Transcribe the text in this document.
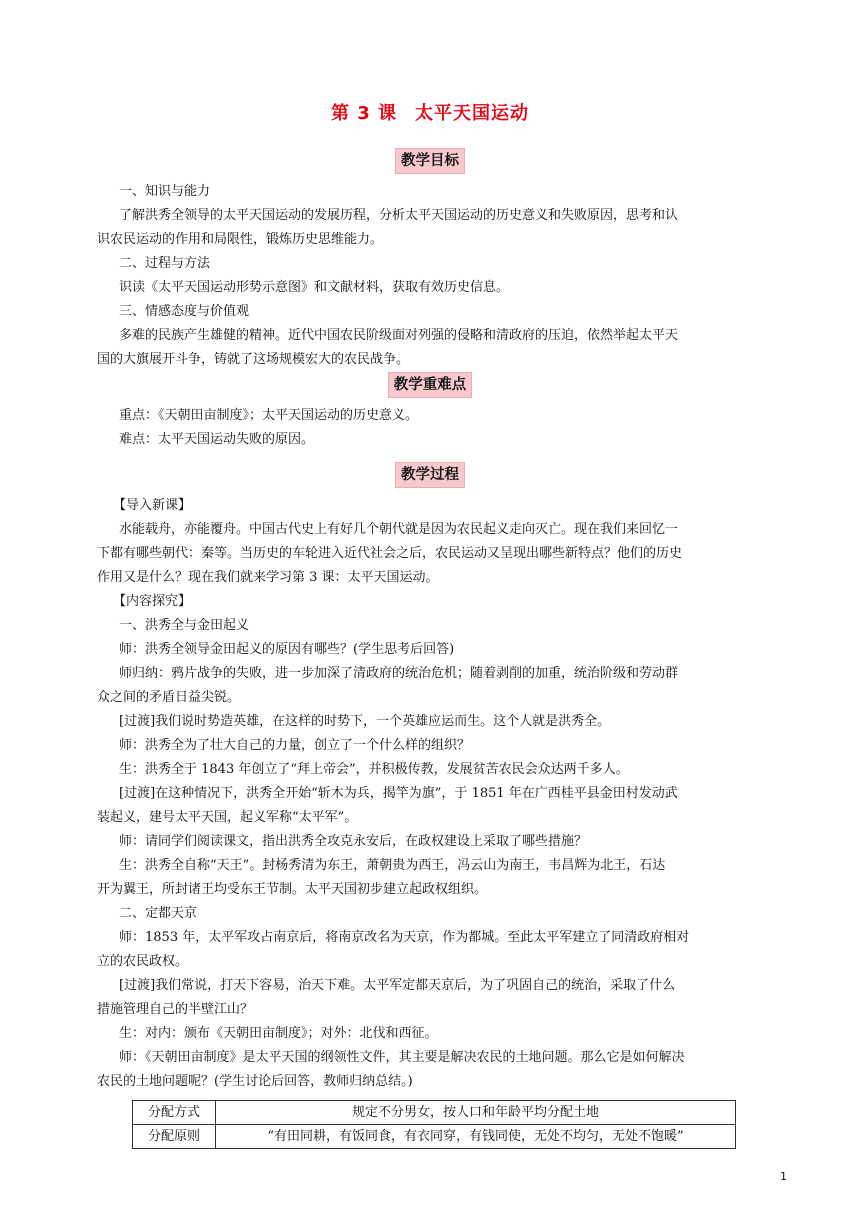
第 3 课 太平天国运动
教学目标

一、知识与能力

了解洪秀全领导的太平天国运动的发展历程，分析太平天国运动的历史意义和失败原因，思考和认

识农民运动的作用和局限性，锻炼历史思维能力。

二、过程与方法

识读《太平天国运动形势示意图》和文献材料，获取有效历史信息。

三、情感态度与价值观

多难的民族产生雄健的精神。近代中国农民阶级面对列强的侵略和清政府的压迫，依然举起太平天

国的大旗展开斗争，铸就了这场规模宏大的农民战争。

教学重难点

重点：《天朝田亩制度》；太平天国运动的历史意义。

难点：太平天国运动失败的原因。

教学过程

【导入新课】

水能载舟，亦能覆舟。中国古代史上有好几个朝代就是因为农民起义走向灭亡。现在我们来回忆一

下都有哪些朝代：秦等。当历史的车轮进入近代社会之后，农民运动又呈现出哪些新特点？他们的历史

作用又是什么？现在我们就来学习第 3 课：太平天国运动。

【内容探究】

一、洪秀全与金田起义

师：洪秀全领导金田起义的原因有哪些？(学生思考后回答)

师归纳：鸦片战争的失败，进一步加深了清政府的统治危机；随着剥削的加重，统治阶级和劳动群

众之间的矛盾日益尖锐。

[过渡]我们说时势造英雄，在这样的时势下，一个英雄应运而生。这个人就是洪秀全。

师：洪秀全为了壮大自己的力量，创立了一个什么样的组织？

生：洪秀全于 1843 年创立了“拜上帝会”，并积极传教，发展贫苦农民会众达两千多人。

[过渡]在这种情况下，洪秀全开始“斩木为兵，揭竿为旗”，于 1851 年在广西桂平县金田村发动武

装起义，建号太平天国，起义军称“太平军”。

师：请同学们阅读课文，指出洪秀全攻克永安后，在政权建设上采取了哪些措施？

生：洪秀全自称“天王”。封杨秀清为东王，萧朝贵为西王，冯云山为南王，韦昌辉为北王，石达

开为翼王，所封诸王均受东王节制。太平天国初步建立起政权组织。

二、定都天京

师：1853 年，太平军攻占南京后，将南京改名为天京，作为都城。至此太平军建立了同清政府相对

立的农民政权。

[过渡]我们常说，打天下容易，治天下难。太平军定都天京后，为了巩固自己的统治，采取了什么

措施管理自己的半壁江山？

生：对内：颁布《天朝田亩制度》；对外：北伐和西征。

师：《天朝田亩制度》是太平天国的纲领性文件，其主要是解决农民的土地问题。那么它是如何解决

农民的土地问题呢？(学生讨论后回答，教师归纳总结。)

分配方式	规定不分男女，按人口和年龄平均分配土地
分配原则	“有田同耕，有饭同食，有衣同穿，有钱同使，无处不均匀，无处不饱暖”
1
